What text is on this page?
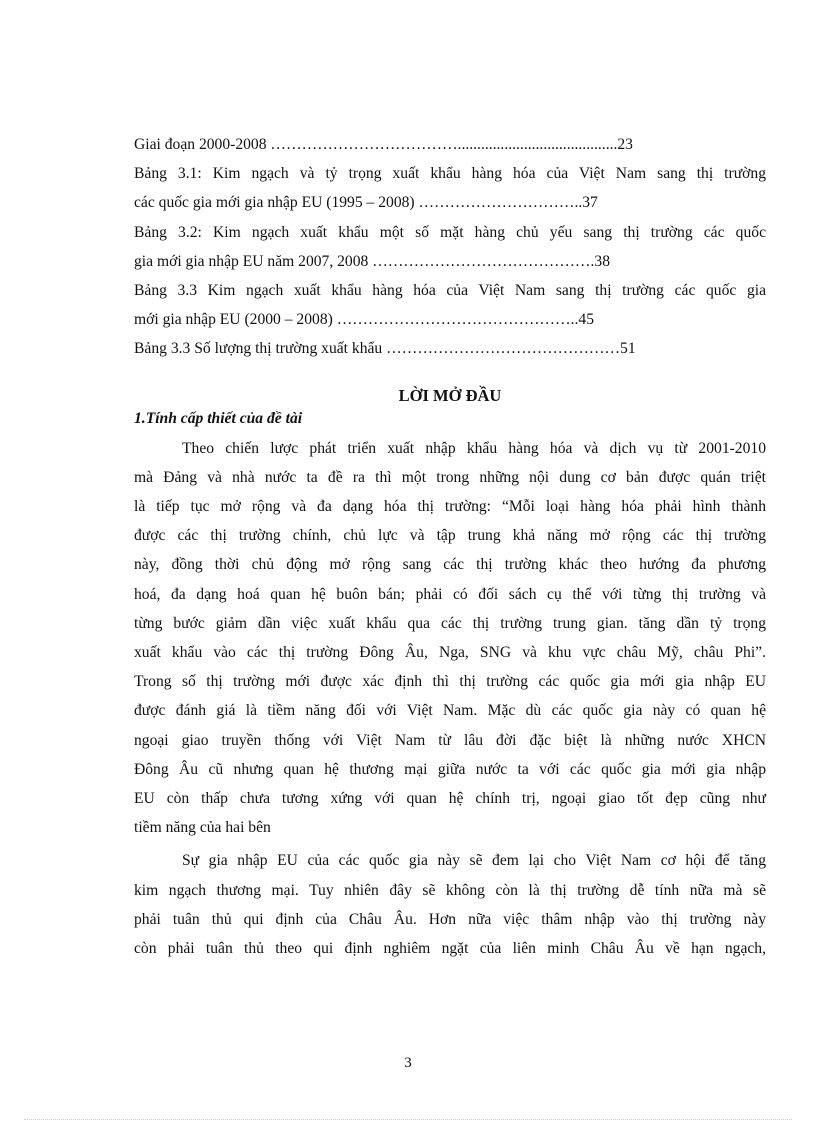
Giai đoạn 2000-2008 ……………………………….........................................23
Bảng 3.1: Kim ngạch và tỷ trọng xuất khẩu hàng hóa của Việt Nam sang thị trường
các quốc gia mới gia nhập EU (1995 – 2008) …………………………..37
Bảng 3.2: Kim ngạch xuất khẩu một số mặt hàng chủ yếu sang thị trường các quốc
gia mới gia nhập EU năm 2007, 2008 …………………………………….38
Bảng 3.3 Kim ngạch xuất khẩu hàng hóa của Việt Nam sang thị trường các quốc gia
mới gia nhập EU (2000 – 2008) ………………………………………..45
Bảng 3.3 Số lượng thị trường xuất khẩu ………………………………………51
LỜI MỞ ĐẦU
1.Tính cấp thiết của đề tài
Theo chiến lược phát triển xuất nhập khẩu hàng hóa và dịch vụ từ 2001-2010
mà Đảng và nhà nước ta đề ra thì một trong những nội dung cơ bản được quán triệt
là tiếp tục mở rộng và đa dạng hóa thị trường: “Mỗi loại hàng hóa phải hình thành
được các thị trường chính, chủ lực và tập trung khả năng mở rộng các thị trường
này, đồng thời chủ động mở rộng sang các thị trường khác theo hướng đa phương
hoá, đa dạng hoá quan hệ buôn bán; phải có đối sách cụ thể với từng thị trường và
từng bước giảm dần việc xuất khẩu qua các thị trường trung gian. tăng dần tỷ trọng
xuất khẩu vào các thị trường Đông Âu, Nga, SNG và khu vực châu Mỹ, châu Phi”.
Trong số thị trường mới được xác định thì thị trường các quốc gia mới gia nhập EU
được đánh giá là tiềm năng đối với Việt Nam. Mặc dù các quốc gia này có quan hệ
ngoại giao truyền thống với Việt Nam từ lâu đời đặc biệt là những nước XHCN
Đông Âu cũ nhưng quan hệ thương mại giữa nước ta với các quốc gia mới gia nhập
EU còn thấp chưa tương xứng với quan hệ chính trị, ngoại giao tốt đẹp cũng như
tiềm năng của hai bên
Sự gia nhập EU của các quốc gia này sẽ đem lại cho Việt Nam cơ hội để tăng
kim ngạch thương mại. Tuy nhiên đây sẽ không còn là thị trường dễ tính nữa mà sẽ
phải tuân thủ qui định của Châu Âu. Hơn nữa việc thâm nhập vào thị trường này
còn phải tuân thủ theo qui định nghiêm ngặt của liên minh Châu Âu về hạn ngạch,
3
